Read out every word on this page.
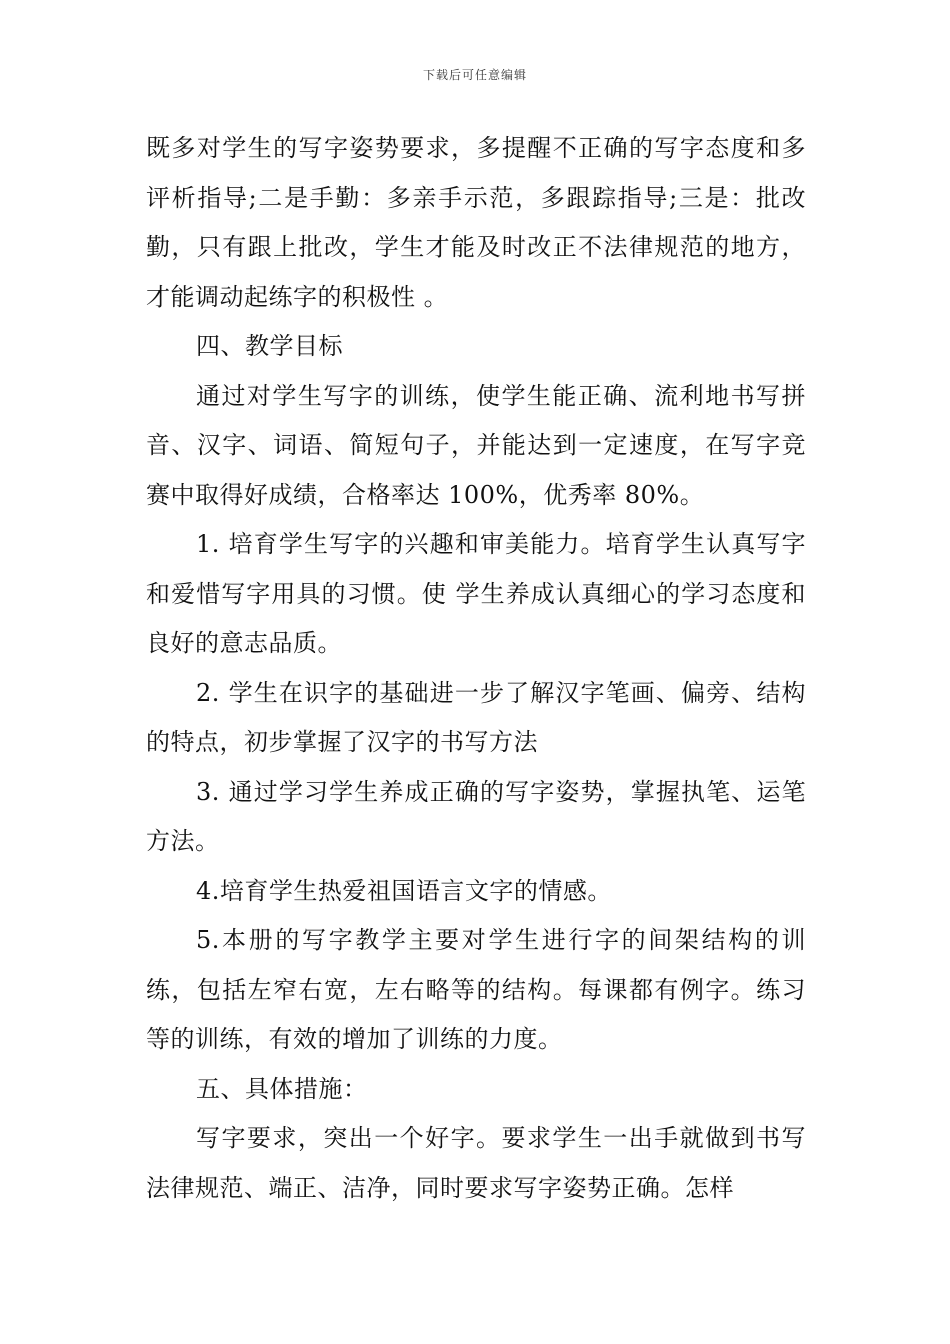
下载后可任意编辑

既多对学生的写字姿势要求，多提醒不正确的写字态度和多评析指导;二是手勤：多亲手示范，多跟踪指导;三是：批改勤，只有跟上批改，学生才能及时改正不法律规范的地方，才能调动起练字的积极性 。

四、教学目标

通过对学生写字的训练，使学生能正确、流利地书写拼音、汉字、词语、简短句子，并能达到一定速度，在写字竞赛中取得好成绩，合格率达 100%，优秀率 80%。

1. 培育学生写字的兴趣和审美能力。培育学生认真写字和爱惜写字用具的习惯。使 学生养成认真细心的学习态度和良好的意志品质。

2. 学生在识字的基础进一步了解汉字笔画、偏旁、结构的特点，初步掌握了汉字的书写方法

3. 通过学习学生养成正确的写字姿势，掌握执笔、运笔方法。

4.培育学生热爱祖国语言文字的情感。

5.本册的写字教学主要对学生进行字的间架结构的训练，包括左窄右宽，左右略等的结构。每课都有例字。练习等的训练，有效的增加了训练的力度。

五、具体措施：

写字要求，突出一个好字。要求学生一出手就做到书写法律规范、端正、洁净，同时要求写字姿势正确。怎样
